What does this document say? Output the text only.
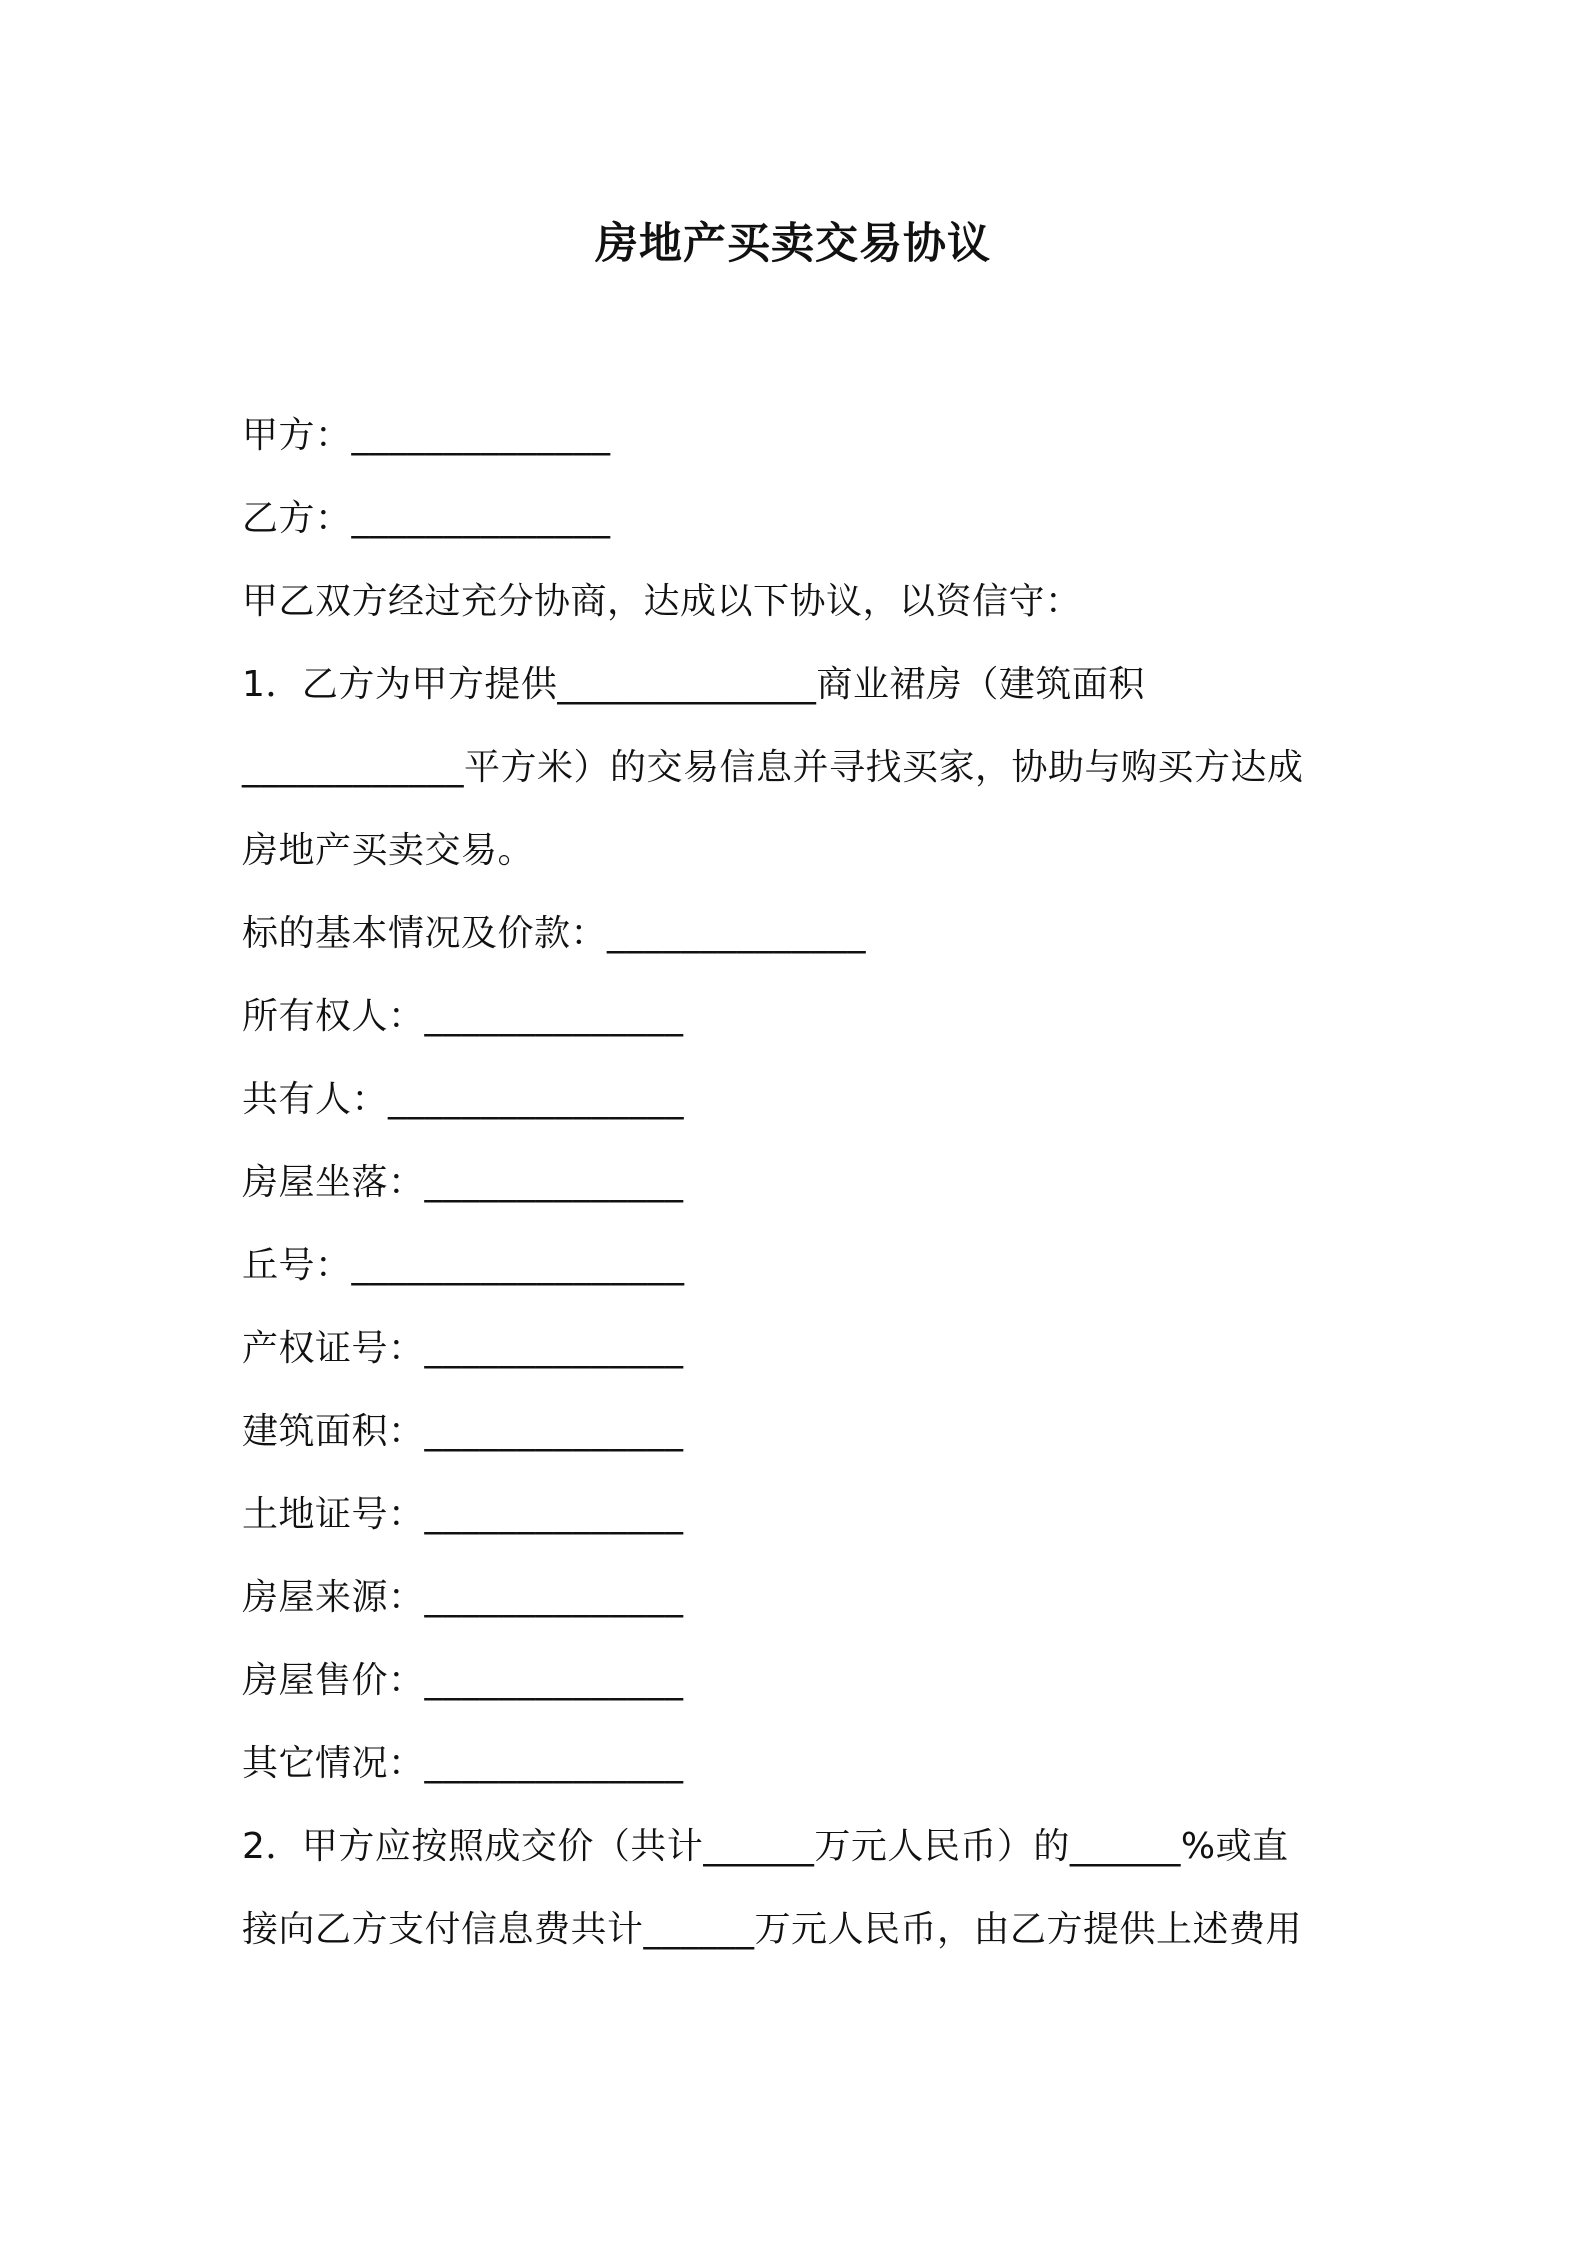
房地产买卖交易协议
甲方：______________
乙方：______________
甲乙双方经过充分协商，达成以下协议，以资信守：
1．乙方为甲方提供______________商业裙房（建筑面积
____________平方米）的交易信息并寻找买家，协助与购买方达成
房地产买卖交易。
标的基本情况及价款：______________
所有权人：______________
共有人：________________
房屋坐落：______________
丘号：__________________
产权证号：______________
建筑面积：______________
土地证号：______________
房屋来源：______________
房屋售价：______________
其它情况：______________
2．甲方应按照成交价（共计______万元人民币）的______%或直
接向乙方支付信息费共计______万元人民币，由乙方提供上述费用
